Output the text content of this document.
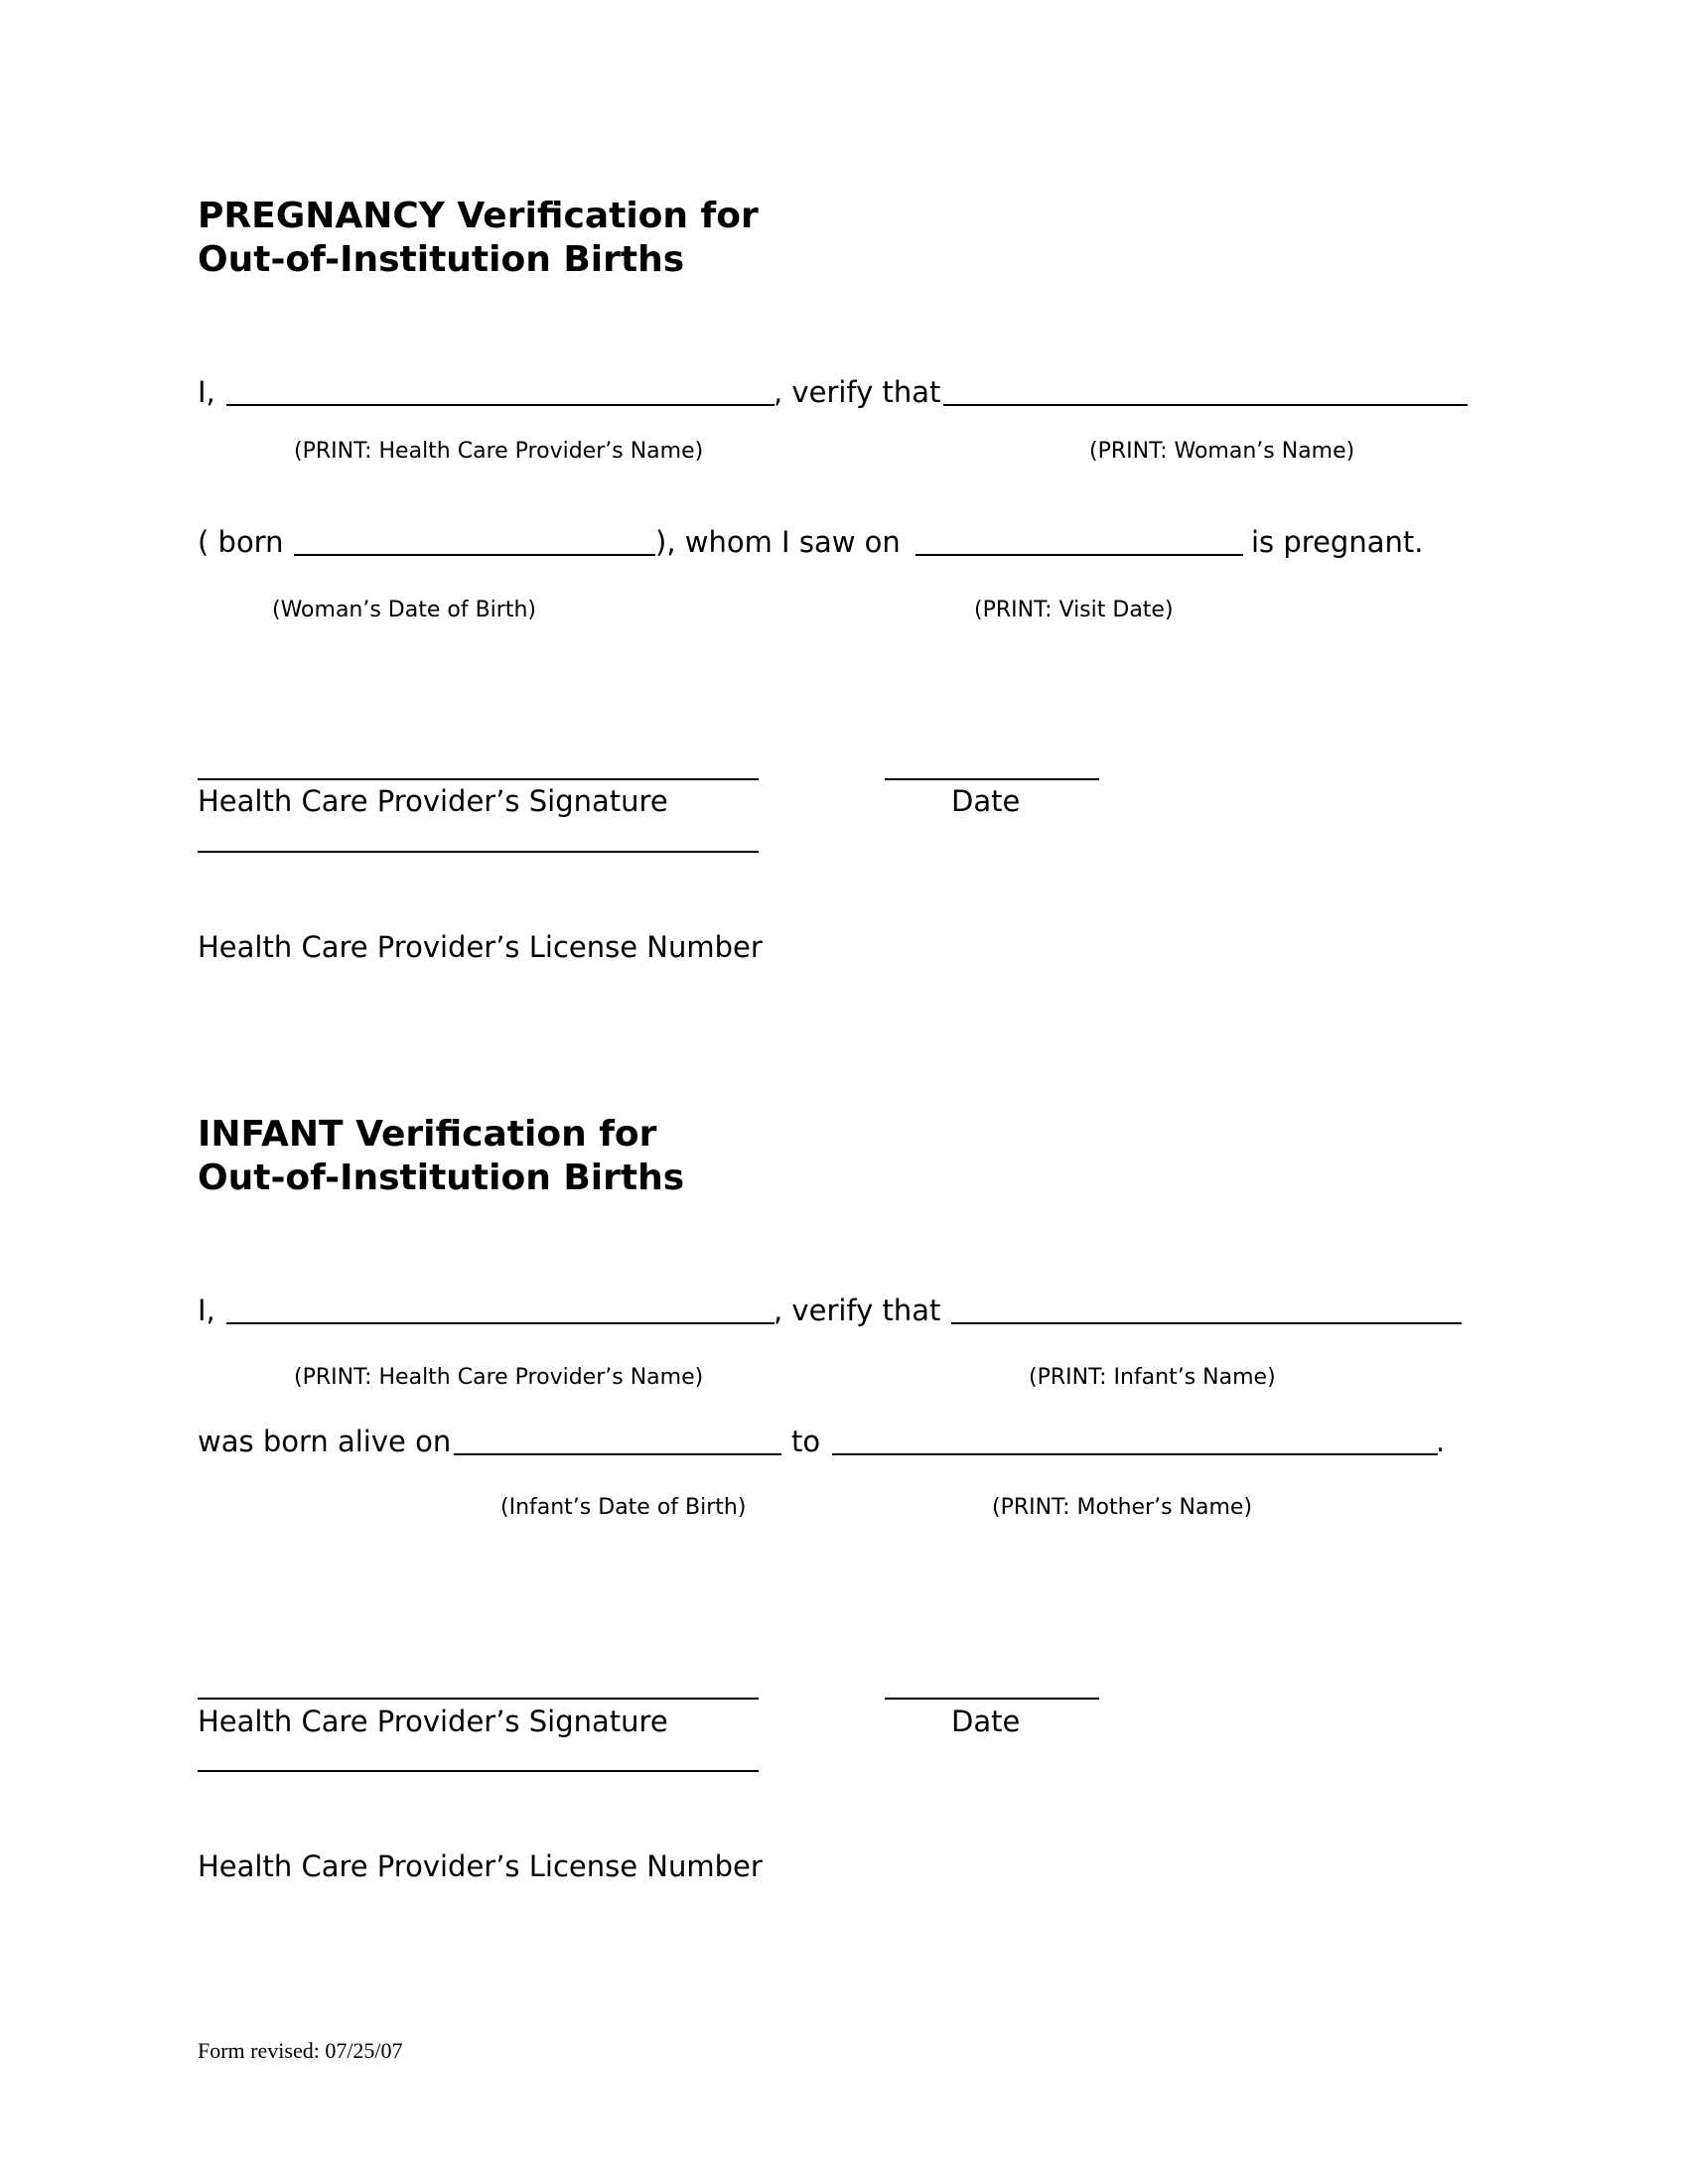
PREGNANCY Verification for
Out-of-Institution Births
I,	, verify that
(PRINT: Health Care Provider’s Name)	(PRINT: Woman’s Name)
( born	), whom I saw on	is pregnant.
(Woman’s Date of Birth)	(PRINT: Visit Date)
Health Care Provider’s Signature	Date
Health Care Provider’s License Number
INFANT Verification for
Out-of-Institution Births
I,	, verify that
(PRINT: Health Care Provider’s Name)	(PRINT: Infant’s Name)
was born alive on	to	.
(Infant’s Date of Birth)	(PRINT: Mother’s Name)
Health Care Provider’s Signature	Date
Health Care Provider’s License Number
Form revised: 07/25/07
